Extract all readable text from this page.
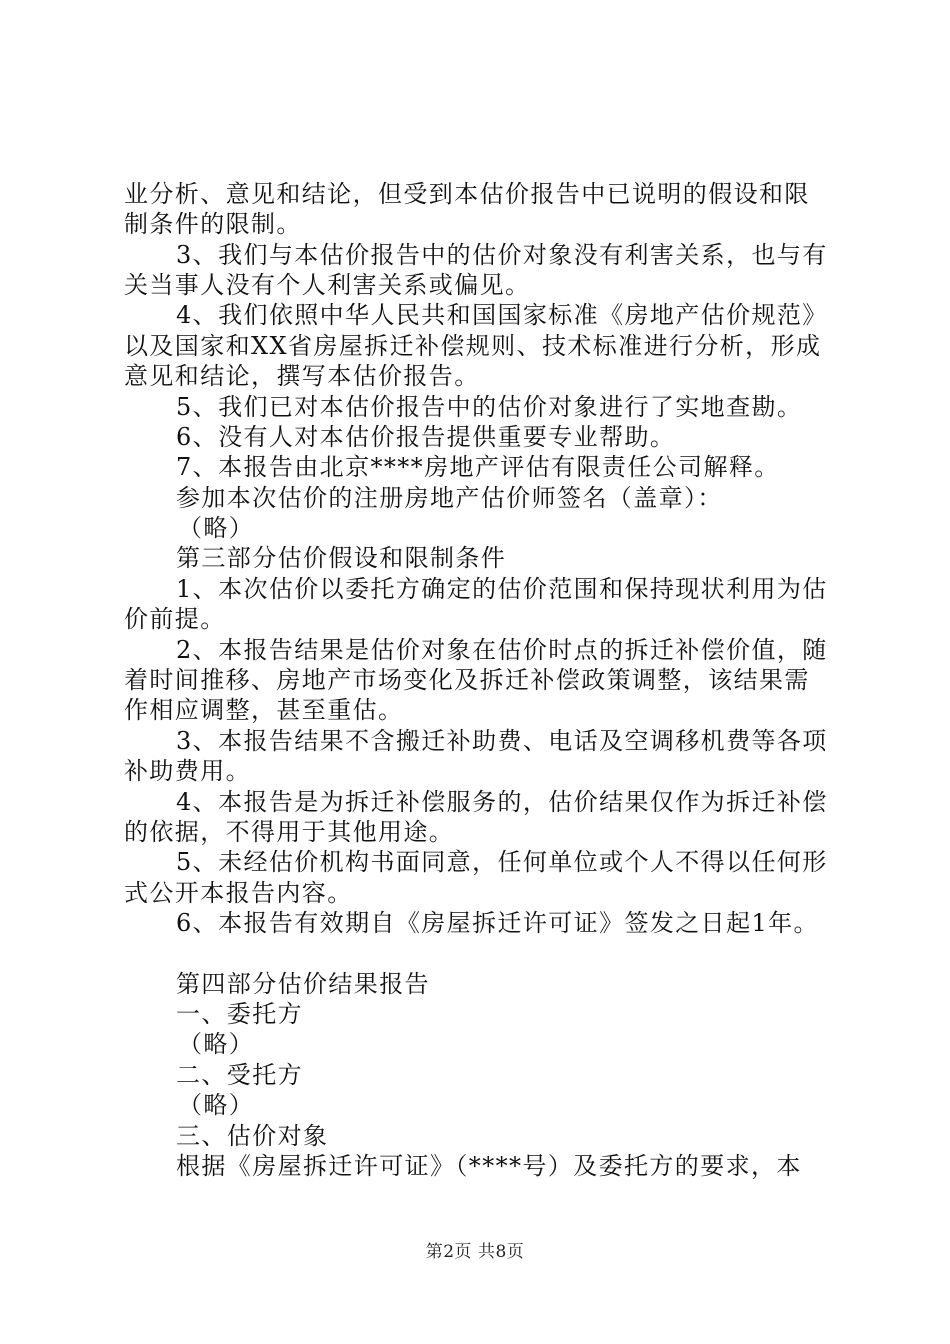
业分析、意见和结论，但受到本估价报告中已说明的假设和限
制条件的限制。
3、我们与本估价报告中的估价对象没有利害关系，也与有
关当事人没有个人利害关系或偏见。
4、我们依照中华人民共和国国家标准《房地产估价规范》
以及国家和XX省房屋拆迁补偿规则、技术标准进行分析，形成
意见和结论，撰写本估价报告。
5、我们已对本估价报告中的估价对象进行了实地查勘。
6、没有人对本估价报告提供重要专业帮助。
7、本报告由北京****房地产评估有限责任公司解释。
参加本次估价的注册房地产估价师签名（盖章）：
（略）
第三部分估价假设和限制条件
1、本次估价以委托方确定的估价范围和保持现状利用为估
价前提。
2、本报告结果是估价对象在估价时点的拆迁补偿价值，随
着时间推移、房地产市场变化及拆迁补偿政策调整，该结果需
作相应调整，甚至重估。
3、本报告结果不含搬迁补助费、电话及空调移机费等各项
补助费用。
4、本报告是为拆迁补偿服务的，估价结果仅作为拆迁补偿
的依据，不得用于其他用途。
5、未经估价机构书面同意，任何单位或个人不得以任何形
式公开本报告内容。
6、本报告有效期自《房屋拆迁许可证》签发之日起1年。
第四部分估价结果报告
一、委托方
（略）
二、受托方
（略）
三、估价对象
根据《房屋拆迁许可证》（****号）及委托方的要求，本
第2页 共8页
